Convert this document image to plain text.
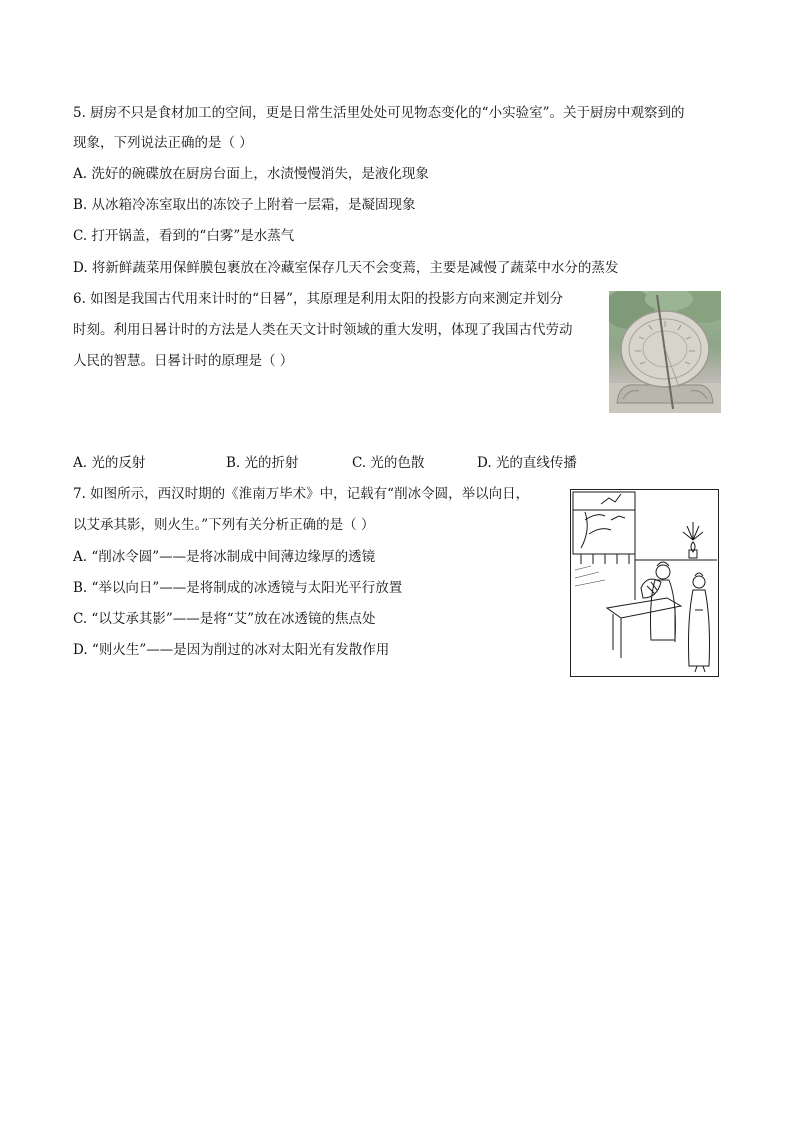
5. 厨房不只是食材加工的空间，更是日常生活里处处可见物态变化的“小实验室”。关于厨房中观察到的
现象，下列说法正确的是（ ）
A. 洗好的碗碟放在厨房台面上，水渍慢慢消失，是液化现象
B. 从冰箱冷冻室取出的冻饺子上附着一层霜，是凝固现象
C. 打开锅盖，看到的“白雾”是水蒸气
D. 将新鲜蔬菜用保鲜膜包裹放在冷藏室保存几天不会变蔫，主要是减慢了蔬菜中水分的蒸发
6. 如图是我国古代用来计时的“日晷”，其原理是利用太阳的投影方向来测定并划分
时刻。利用日晷计时的方法是人类在天文计时领域的重大发明，体现了我国古代劳动
人民的智慧。日晷计时的原理是（ ）
A. 光的反射	B. 光的折射	C. 光的色散	D. 光的直线传播
7. 如图所示，西汉时期的《淮南万毕术》中，记载有“削冰令圆，举以向日，
以艾承其影，则火生。”下列有关分析正确的是（ ）
A. “削冰令圆”——是将冰制成中间薄边缘厚的透镜
B. “举以向日”——是将制成的冰透镜与太阳光平行放置
C. “以艾承其影”——是将“艾”放在冰透镜的焦点处
D. “则火生”——是因为削过的冰对太阳光有发散作用
